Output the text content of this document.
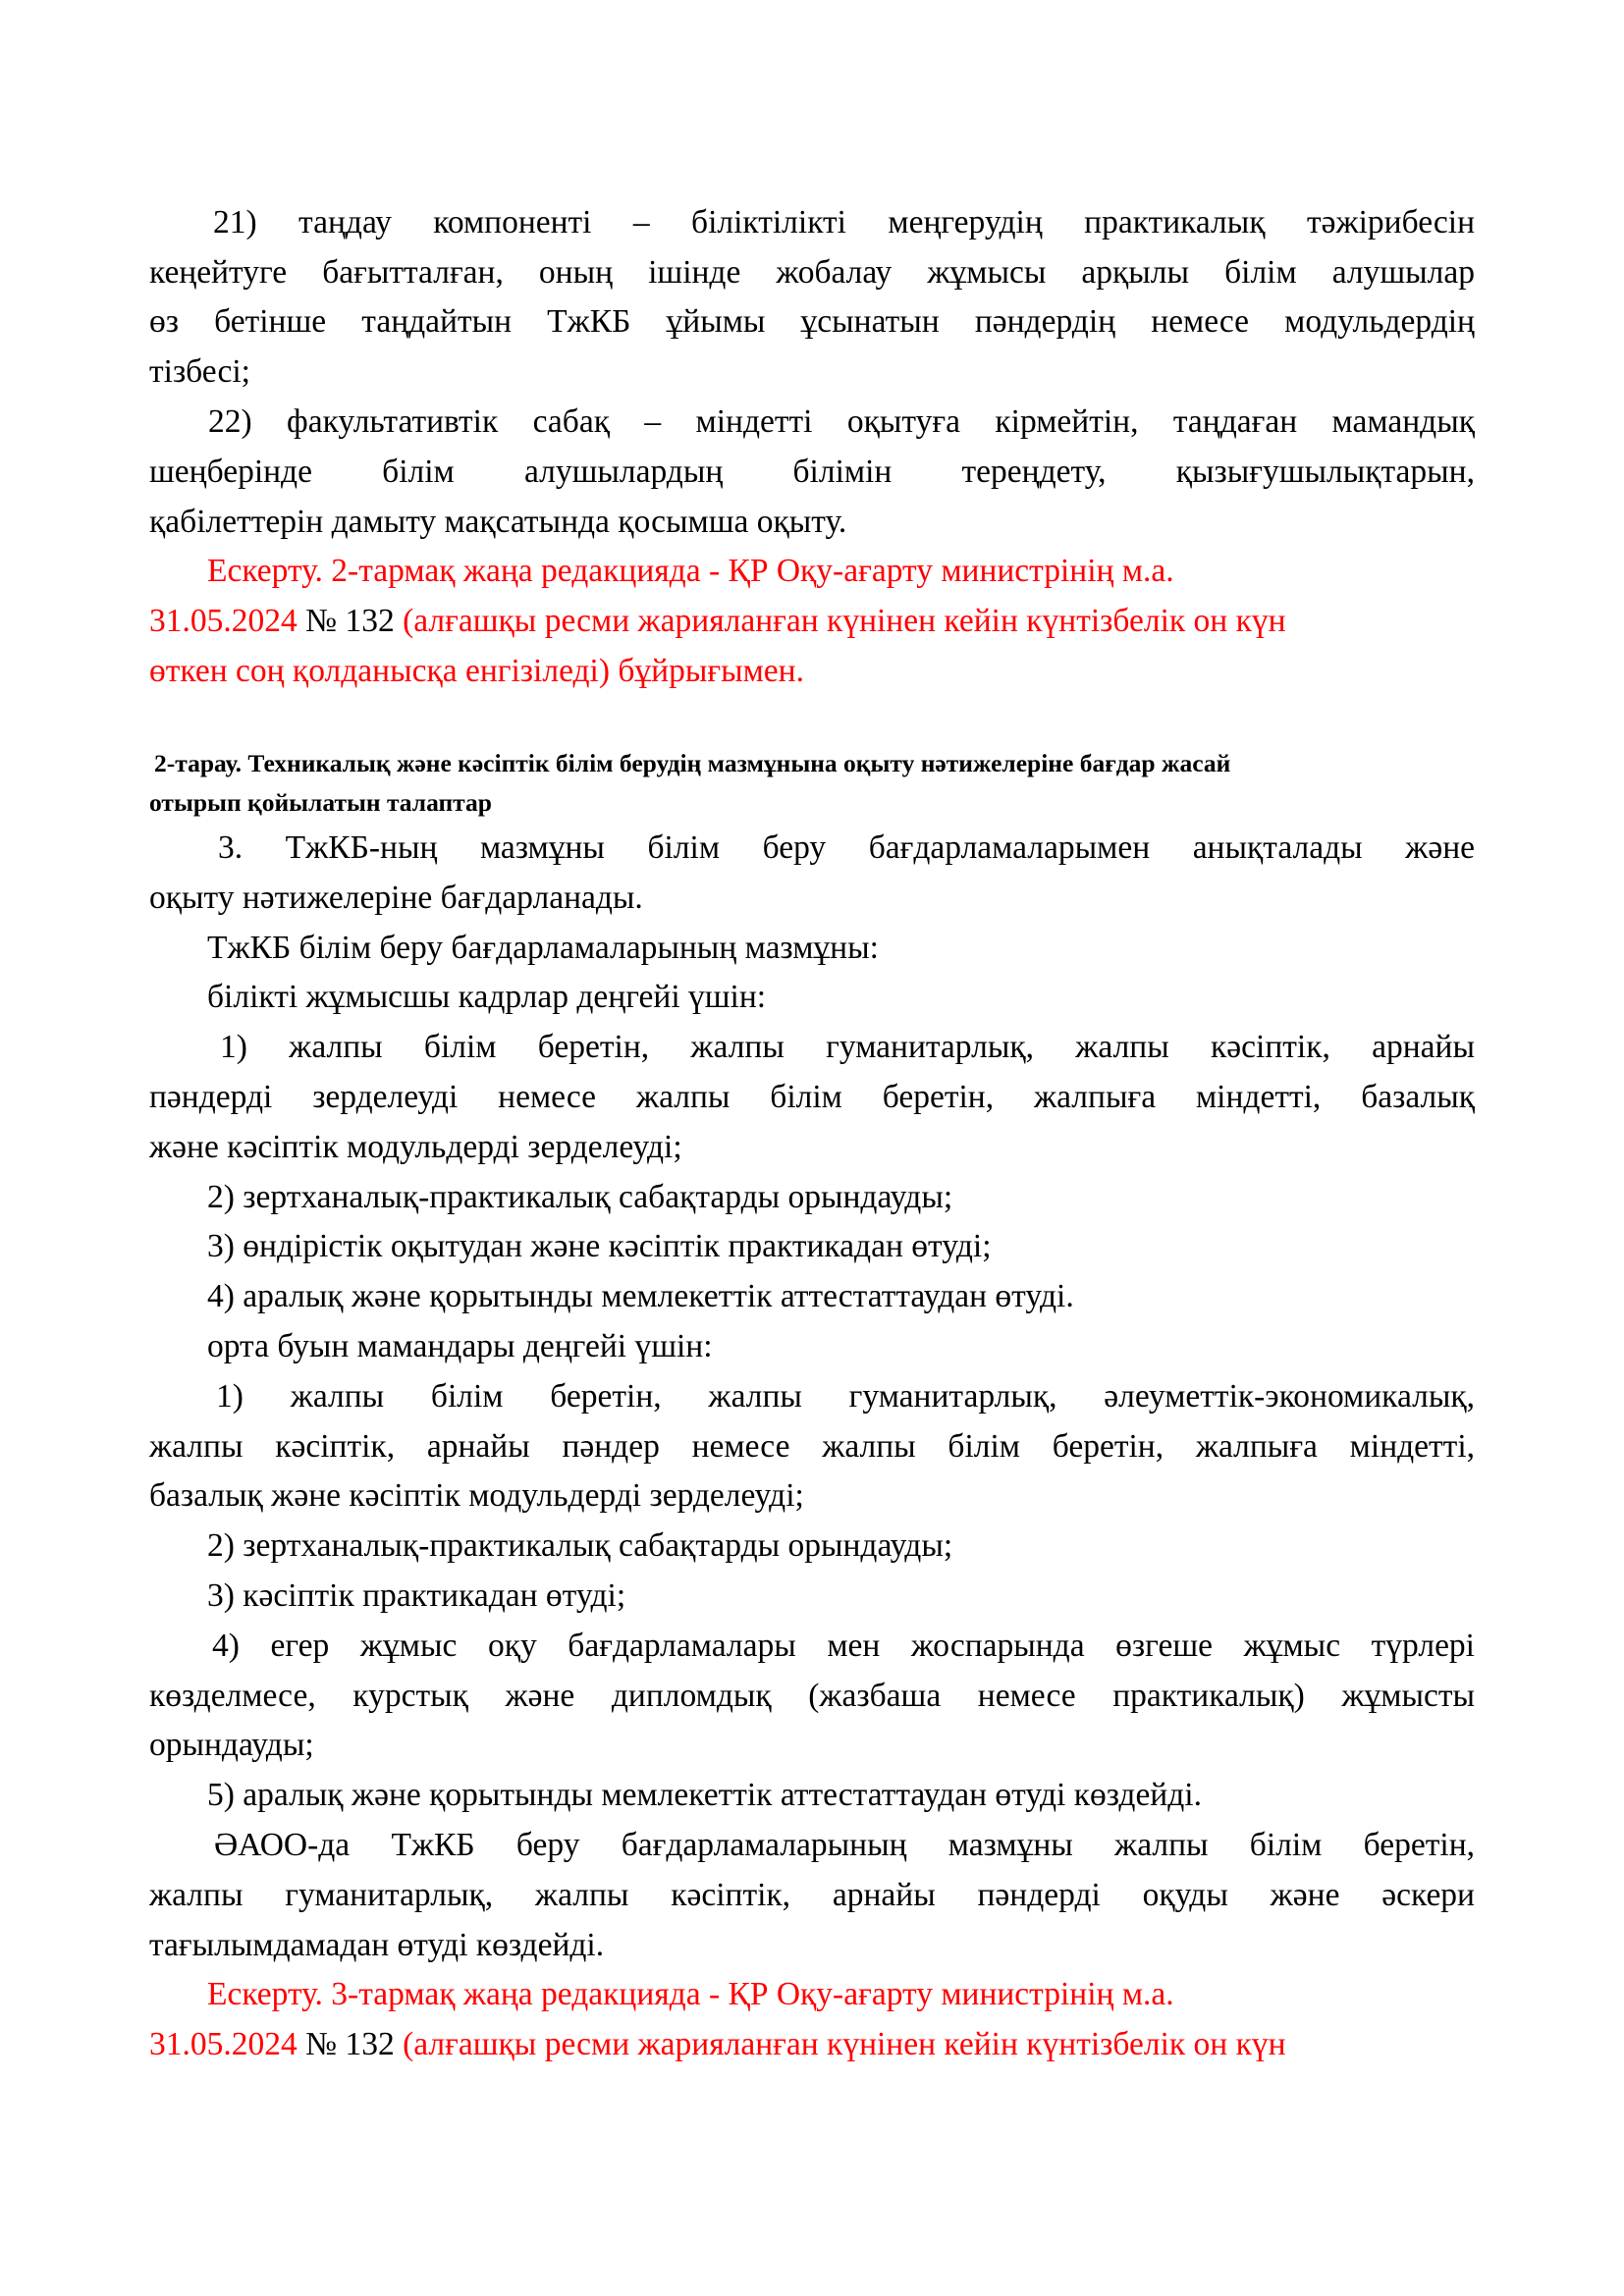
21) таңдау компоненті – біліктілікті меңгерудің практикалық тәжірибесін
кеңейтуге бағытталған, оның ішінде жобалау жұмысы арқылы білім алушылар
өз бетінше таңдайтын ТжКБ ұйымы ұсынатын пәндердің немесе модульдердің
тізбесі;
22) факультативтік сабақ – міндетті оқытуға кірмейтін, таңдаған мамандық
шеңберінде білім алушылардың білімін тереңдету, қызығушылықтарын,
қабілеттерін дамыту мақсатында қосымша оқыту.
Ескерту. 2-тармақ жаңа редакцияда - ҚР Оқу-ағарту министрінің м.а.
31.05.2024 № 132 (алғашқы ресми жарияланған күнінен кейін күнтізбелік он күн
өткен соң қолданысқа енгізіледі) бұйрығымен.
2-тарау. Техникалық және кәсіптік білім берудің мазмұнына оқыту нәтижелеріне бағдар жасай
отырып қойылатын талаптар
3. ТжКБ-ның мазмұны білім беру бағдарламаларымен анықталады және
оқыту нәтижелеріне бағдарланады.
ТжКБ білім беру бағдарламаларының мазмұны:
білікті жұмысшы кадрлар деңгейі үшін:
1) жалпы білім беретін, жалпы гуманитарлық, жалпы кәсіптік, арнайы
пәндерді зерделеуді немесе жалпы білім беретін, жалпыға міндетті, базалық
және кәсіптік модульдерді зерделеуді;
2) зертханалық-практикалық сабақтарды орындауды;
3) өндірістік оқытудан және кәсіптік практикадан өтуді;
4) аралық және қорытынды мемлекеттік аттестаттаудан өтуді.
орта буын мамандары деңгейі үшін:
1) жалпы білім беретін, жалпы гуманитарлық, әлеуметтік-экономикалық,
жалпы кәсіптік, арнайы пәндер немесе жалпы білім беретін, жалпыға міндетті,
базалық және кәсіптік модульдерді зерделеуді;
2) зертханалық-практикалық сабақтарды орындауды;
3) кәсіптік практикадан өтуді;
4) егер жұмыс оқу бағдарламалары мен жоспарында өзгеше жұмыс түрлері
көзделмесе, курстық және дипломдық (жазбаша немесе практикалық) жұмысты
орындауды;
5) аралық және қорытынды мемлекеттік аттестаттаудан өтуді көздейді.
ӘАОО-да ТжКБ беру бағдарламаларының мазмұны жалпы білім беретін,
жалпы гуманитарлық, жалпы кәсіптік, арнайы пәндерді оқуды және әскери
тағылымдамадан өтуді көздейді.
Ескерту. 3-тармақ жаңа редакцияда - ҚР Оқу-ағарту министрінің м.а.
31.05.2024 № 132 (алғашқы ресми жарияланған күнінен кейін күнтізбелік он күн
